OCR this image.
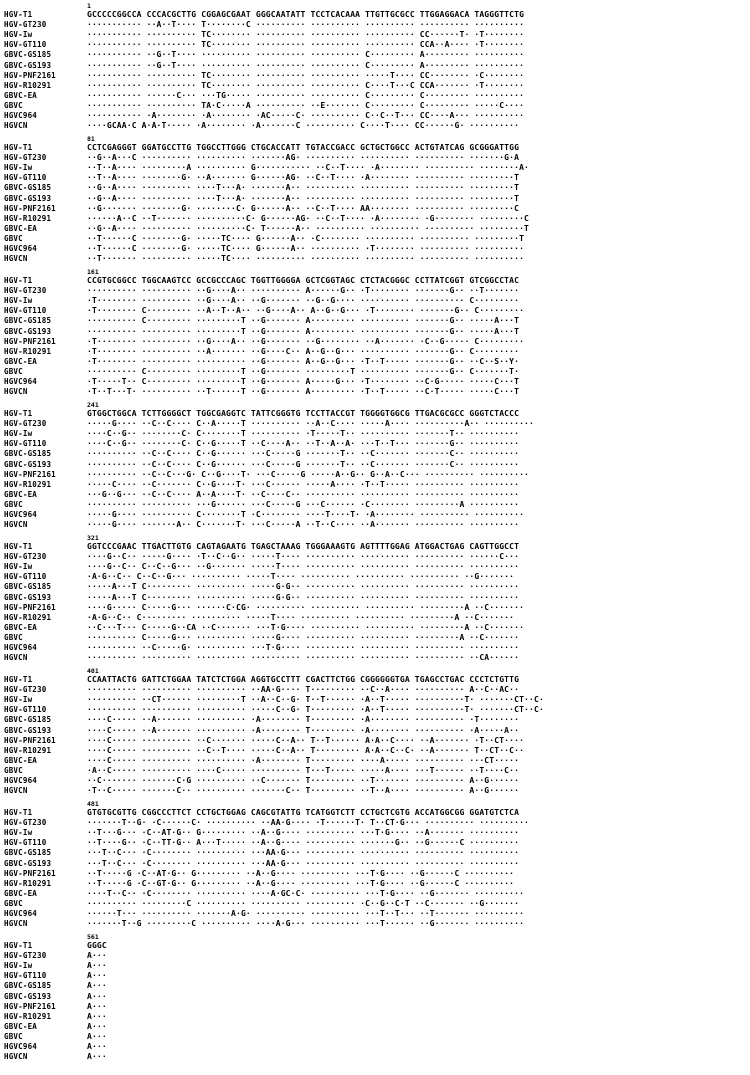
1
HGV-T1	GCCCCCGGCCA CCCACGCTTG CGGAGCGAAT GGGCAATATT TCCTCACAAA TTGTTGCGCC TTGGAGGACA TAGGGTTCTG
HGV-GT230	··········· ··A··T···· T········C ·········· ·········· ·········· ·········· ··········
HGV-Iw	··········· ·········· TC········ ·········· ·········· ·········· CC······T· ·T········
HGV-GT110	··········· ·········· TC········ ·········· ·········· ·········· CCA··A···· ·T········
GBVC-GS185	··········· ··G··T···· ·········· ·········· ·········· C········· A········· ··········
GBVC-GS193	··········· ··G··T···· ·········· ·········· ·········· C········· A········· ··········
HGV-PNF2161	··········· ·········· TC········ ·········· ·········· ·····T···· CC········ ·C········
HGV-R10291	··········· ·········· TC········ ·········· ·········· C····T···C CCA······· ·T········
GBVC-EA	··········· ······C··· ···TG····· ·········· ·········· C········· C········· ··········
GBVC	··········· ·········· TA·C·····A ·········· ··E······· C········· C········· ·····C····
HGVC964	··········· ·A········ ·A········ ·AC·····C· ·········· C··C··T··· CC····A··· ··········
HGVCN	····GCAA·C A·A·T····· ·A········ ·A·······C ·········· C····T···· CC······G· ··········
81
HGV-T1	CCTCGAGGGT GGATGCCTTG TGGCCTTGGG CTGCACCATT TGTACCGACC GCTGCTGGCC ACTGTATCAG GCGGGATTGG
HGV-GT230	··G··A···C ·········· ·········· ·······AG· ·········· ·········· ·········· ·······G·A
HGV-Iw	··T··A···· ·········A ·········· G··········· ··C··T···· ·A········ ·········· ········A·
HGV-GT110	··T··A···· ········G· ··A······· G······AG· ··C··T···· ·A········ ·········· ·········T
GBVC-GS185	··G··A···· ·········· ····T···A· ·······A·· ·········· ·········· ·········· ·········T
GBVC-GS193	··G··A···· ·········· ····T···A· ·······A·· ·········· ·········· ·········· ·········T
HGV-PNF2161	··G······· ········G· ········C· G······A·· ··C··T···· AA········ ·········· ·········C
HGV-R10291	······A··C ··T······· ··········C· G······AG· ··C··T···· ·A········ ·G········ ·········C
GBVC-EA	··G··A···· ·········· ··········C· T······A·· ·········· ·········· ·········· ·········T
GBVC	··T······C ········G· ·····TC···· G······A·· ·C········ ·········· ·········· ·········T
HGVC964	··T······C ········G· ·····TC···· G······A·· ·········· ·T········ ·········· ··········
HGVCN	··T······· ·········· ·····TC···· ·········· ·········· ·········· ·········· ··········
161
HGV-T1	CCGTGCGGCC TGGCAAGTCC GCCGCCCAGC TGGTTGGGGA GCTCGGTAGC CTCTACGGGC CCTTATCGGT GTCGGCCTAC
HGV-GT230	·········· ·········· ··G····A·· ·········· A······G·· ·T········ ·······G·· ··T·······
HGV-Iw	·T········ ·········· ··G····A·· ··G······· ··G··G···· ·········· ·········· C·········
HGV-GT110	·T········ C········· ··A··T··A·· ··G····A·· A··G··G··· ·T········ ·······G·· C·········
GBVC-GS185	·········· C········· ·········T ··G······· A········· ·········· ·······G·· ·····A···T
GBVC-GS193	·········· ·········· ·········T ··G······· A········· ·········· ·······G·· ·····A···T
HGV-PNF2161	·T········ ·········· ··G····A·· ··G······· ··G········ ··A······· ·C··G····· C·········
HGV-R10291	·T········ ·········· ··A······· ··G····C·· A··G··G··· ·········· ·······G·· C·········
GBVC-EA	·T········ ·········· ·········· ··G······· A··G··G··· ·T··T····· ·······G·· ··C··S··Y·
GBVC	·········· C········· ·········T ··G······· ·········T ·········· ·······G·· C·······T·
HGVC964	·T·····T·· C········· ·········T ··G······· A·····G··· ·T········ ··C·G····· ·····C···T
HGVCN	·T··T···T· ·········· ··T······T ··G······· A········· ·T··T····· ··C·T····· ·····C···T
241
HGV-T1	GTGGCTGGCA TCTTGGGGCT TGGCGAGGTC TATTCGGGTG TCCTTACCGT TGGGGTGGCG TTGACGCGCC GGGTCTACCC
HGV-GT230	·····G···· ··C··C···· C··A·····T ·········· ··A··C···· ·····A···· ··········A·· ··········
HGV-Iw	····C··G·· ········C· C········T ·········· ·T·····T·· ·········· ·······T·· ··········
HGV-GT110	····C··G·· ········C· C··G·····T ··C····A·· ··T··A··A· ···T··T··· ·······G·· ··········
GBVC-GS185	·········· ··C··C···· C··G······ ···C·····G ·······T·· ··C······· ·······C·· ··········
GBVC-GS193	·········· ··C··C···· C··G······ ···C·····G ·······T·· ··C······· ·······C·· ··········
HGV-PNF2161	·········· ··C··C···G· C··G····T· ···C·····G ·····A··G·· G··A··C··· ·········· ··········
HGV-R10291	·····C···· ··C······· C··G····T· ···C······ ·····A···· ·T··T····· ·········· ··········
GBVC-EA	···G··G··· ··C··C···· A··A····T· ··C····C·· ·········· ·········· ·········· ··········
GBVC	·········· ·········· ···G······ ···C·····G ···C······ ·C········ ·········A ··········
HGVC964	·····G···· ·········· C········T ·C········ ····T····T· ·A········ ·········· ··········
HGVCN	·····G···· ·······A·· C·······T· ···C·····A ··T··C···· ··A······· ·········· ··········
321
HGV-T1	GGTCCCGAAC TTGACTTGTG CAGTAGAATG TGAGCTAAAG TGGGAAAGTG AGTTTTGGAG ATGGACTGAG CAGTTGGCCT
HGV-GT230	····G··C·· ·····G···· ·T··C··G·· ·····T···· ·········· ·········· ·········· ······C···
HGV-Iw	····G··C·· C··C··G··· ··G······· ·····T···· ·········· ·········· ·········· ··········
HGV-GT110	·A·G··C·· C··C··G··· ·········· ·····T···· ·········· ·········· ·········· ··G·······
GBVC-GS185	·····A···T C········· ·········· ·····G·G·· ·········· ·········· ·········· ··········
GBVC-GS193	·····A···T C········· ·········· ·····G·G·· ·········· ·········· ·········· ··········
HGV-PNF2161	····G····· C·····G··· ······C·CG· ·········· ·········· ·········· ·········A ··C·······
HGV-R10291	·A·G··C·· C········· ·········· ·····T···· ·········· ·········· ·········A ··C·······
GBVC-EA	··C···T··· C·····G··CA ··C······· ···T·G···· ·········· ·········· ·········A ··C·······
GBVC	·········· C·····G··· ·········· ·····G···· ·········· ·········· ·········A ··C·······
HGVC964	·········· ··C·····G· ·········· ···T·G···· ·········· ·········· ·········· ··········
HGVCN	·········· ·········· ·········· ·········· ·········· ·········· ·········· ··CA······
401
HGV-T1	CCAATTACTG GATTCTGGAA TATCTCTGGA AGGTGCCTTT CGACTTCTGG CGGGGGGTGA TGAGCCTGAC CCCTCTGTTG
HGV-GT230	·········· ·········· ·········· ··AA·G···· T········· ··C··A···· ·········· A··C··AC··
HGV-Iw	·········· ··CT······ ·········T ··A··C··G· T··T······ ·A··T····· ··········T· ·······CT··C·
HGV-GT110	·········· ·········· ·········· ·····C··G· T········· ·A··T····· ··········T· ·······CT··C·
GBVC-GS185	····C····· ··A······· ·········· ·A········ T········· ·A········ ·········· ·T········
GBVC-GS193	····C····· ··A······· ·········· ·A········ T········· ·A········ ·········· ·A·····A··
HGV-PNF2161	····C····· ·········· ··C······· ·····C··A·· T··T······ A·A··C···· ··A······· ·T··CT····
HGV-R10291	····C····· ·········· ··C··T···· ·····C··A·· T········· A·A··C··C· ··A······· T··CT··C··
GBVC-EA	····C····· ·········· ·········· ·A········ T········· ····A····· ·········· ···CT·····
GBVC	·A··C····· ·········· ····C····· ·········· T···T····· ·····A···· ···T······ ··T····C··
HGVC964	··C······· ·······C·G ·········· ··C······· T········· ··T······· ·········· A··G······
HGVCN	·T··C····· ·······C·· ·········· ·······C·· T········· ··T··A···· ·········· A··G······
481
HGV-T1	GTGTGCGTTG CGGCCCTTCT CCTGCTGGAG CAGCGTATTG TCATGGTCTT CCTGCTCGTG ACCATGGCGG GGATGTCTCA
HGV-GT230	·······T··G· ·C······C· ·········· ··AA·G···· ·T······T· T··CT·G··· ·········· ··········
HGV-Iw	··T···G··· ·C··AT·G·· G········· ··A··G···· ·········· ···T·G···· ··A······· ··········
HGV-GT110	··T····G·· ·C··TT·G·· A···T····· ··A··G···· ·········· ·······G·· ··G······C ··········
GBVC-GS185	···T··C··· ·C········ ·········· ···AA·G··· ·········· ·········· ·········· ··········
GBVC-GS193	···T··C··· ·C········ ·········· ···AA·G··· ·········· ·········· ·········· ··········
HGV-PNF2161	··T·····G ·C··AT·G·· G········· ··A··G···· ·········· ···T·G···· ··G······C ··········
HGV-R10291	··T·····G ·C··GT·G·· G········· ··A··G···· ·········· ···T·G···· ··G······C ··········
GBVC-EA	····T··C·· ·C········ ·········· ····A·GC·C· ·········· ···T·G···· ··G······· ··········
GBVC	·········· ·········C ·········· ·········· ·········· ·C··G··C·T ··C······· ··G·······
HGVC964	······T··· ·········· ·······A·G· ·········· ·········· ···T··T··· ··T······· ··········
HGVCN	·······T··G ·········C ·········· ····A·G··· ·········· ···T······ ··G······· ··········
561
HGV-T1	GGGC
HGV-GT230	A···
HGV-Iw	A···
HGV-GT110	A···
GBVC-GS185	A···
GBVC-GS193	A···
HGV-PNF2161	A···
HGV-R10291	A···
GBVC-EA	A···
GBVC	A···
HGVC964	A···
HGVCN	A···
